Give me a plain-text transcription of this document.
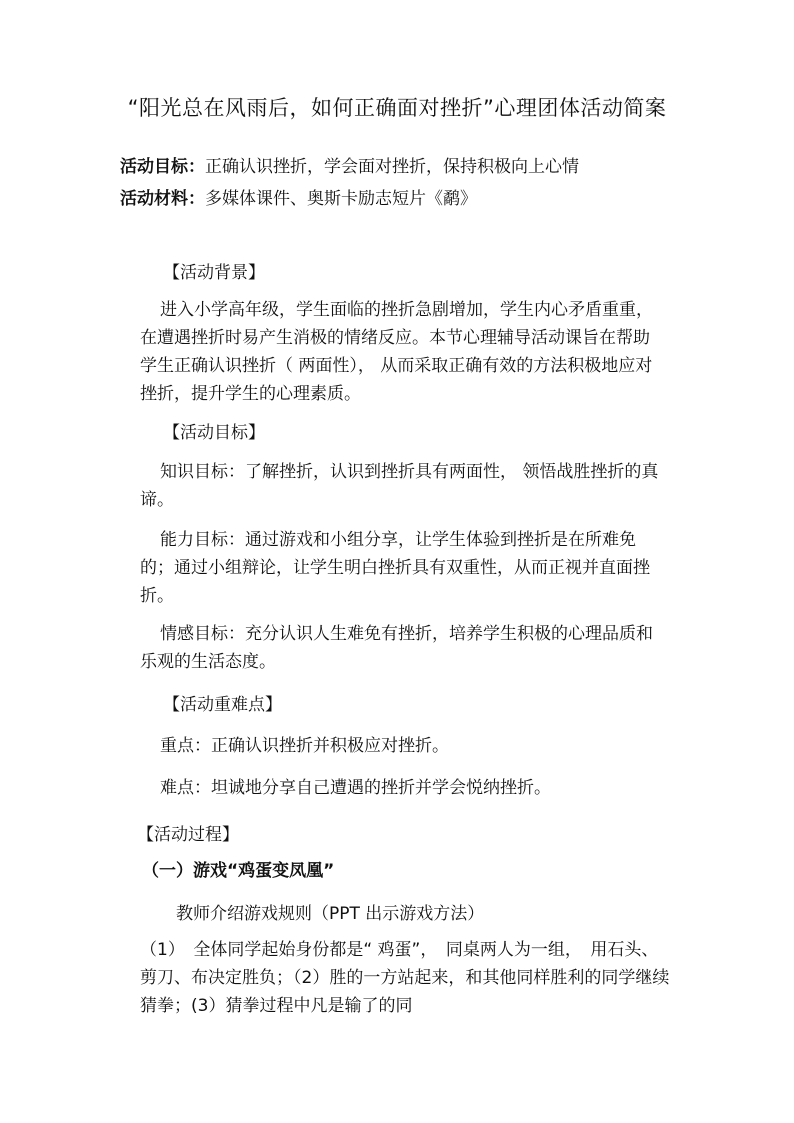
“阳光总在风雨后，如何正确面对挫折”心理团体活动简案
活动目标：正确认识挫折，学会面对挫折，保持积极向上心情
活动材料：多媒体课件、奥斯卡励志短片《鹬》
【活动背景】
进入小学高年级，学生面临的挫折急剧增加，学生内心矛盾重重，在遭遇挫折时易产生消极的情绪反应。本节心理辅导活动课旨在帮助学生正确认识挫折（ 两面性）， 从而采取正确有效的方法积极地应对挫折，提升学生的心理素质。
【活动目标】
知识目标：了解挫折，认识到挫折具有两面性， 领悟战胜挫折的真谛。
能力目标：通过游戏和小组分享，让学生体验到挫折是在所难免的；通过小组辩论，让学生明白挫折具有双重性，从而正视并直面挫折。
情感目标：充分认识人生难免有挫折，培养学生积极的心理品质和乐观的生活态度。
【活动重难点】
重点：正确认识挫折并积极应对挫折。
难点：坦诚地分享自己遭遇的挫折并学会悦纳挫折。
【活动过程】
（一）游戏“鸡蛋变凤凰”
教师介绍游戏规则（PPT 出示游戏方法）
（1）　全体同学起始身份都是“ 鸡蛋”，　同桌两人为一组，　用石头、剪刀、布决定胜负；（2）胜的一方站起来，和其他同样胜利的同学继续猜拳；(3）猜拳过程中凡是输了的同
